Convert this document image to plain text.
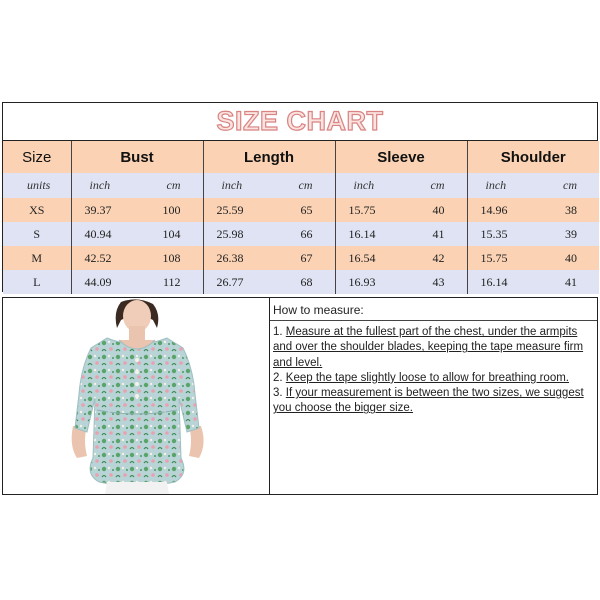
SIZE CHART
Size	Bust		Length		Sleeve		Shoulder	
units	inch	cm	inch	cm	inch	cm	inch	cm
XS	39.37	100	25.59	65	15.75	40	14.96	38
S	40.94	104	25.98	66	16.14	41	15.35	39
M	42.52	108	26.38	67	16.54	42	15.75	40
L	44.09	112	26.77	68	16.93	43	16.14	41
How to measure:

1. Measure at the fullest part of the chest, under the armpits and over the shoulder blades, keeping the tape measure firm and level.

2. Keep the tape slightly loose to allow for breathing room.

3. If your measurement is between the two sizes, we suggest you choose the bigger size.
